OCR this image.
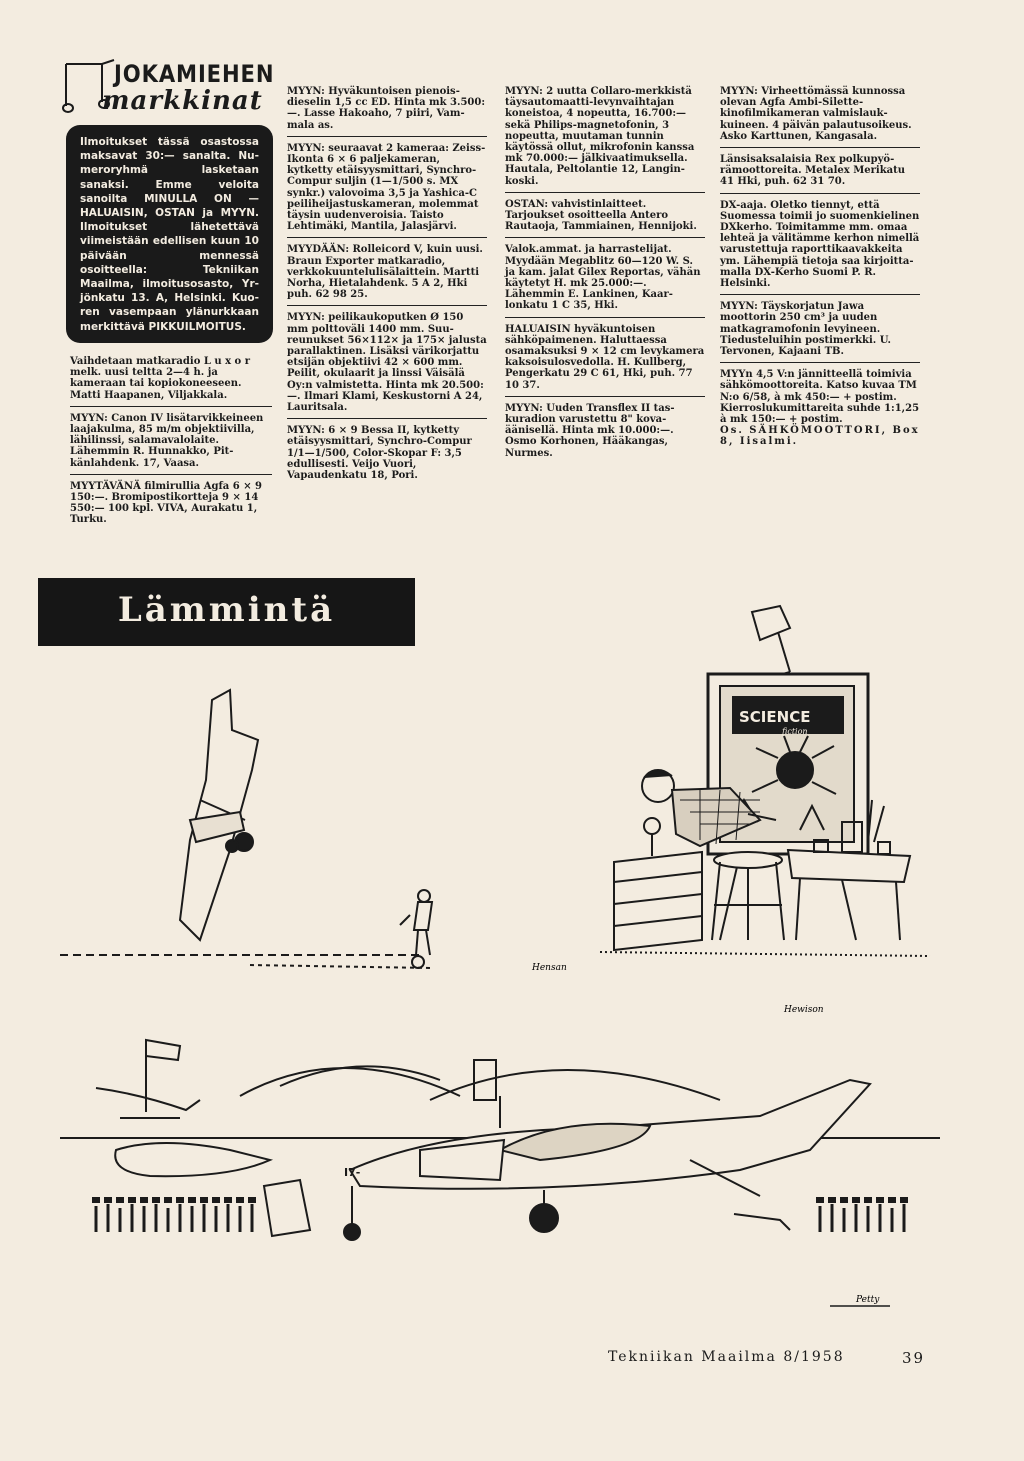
JOKAMIEHEN
markkinat
Ilmoitukset tässä osastossa maksavat 30:— sanalta. Numeroryhmä lasketaan sanaksi. Emme veloita sanoilta MINULLA ON — HALUAISIN, OSTAN ja MYYN. Ilmoitukset lähetettävä viimeistään edellisen kuun 10 päivään mennessä osoitteella: Tekniikan Maailma, ilmoitusosasto, Yrjönkatu 13. A, Helsinki. Kuoren vasempaan ylänurkkaan merkittävä PIKKUILMOITUS.

Vaihdetaan matkaradio L u x o r melk. uusi teltta 2—4 h. ja kameraan tai kopiokoneeseen. Matti Haapanen, Viljakkala.

MYYN: Canon IV lisätarvikkeineen laajakulma, 85 m/m objektiivilla, lähilinssi, salamavalolaite. Lähemmin R. Hunnakko, Pitkänlahdenk. 17, Vaasa.

MYYTÄVÄNÄ filmirullia Agfa 6 × 9 150:—. Bromipostikortteja 9 × 14 550:— 100 kpl. VIVA, Aurakatu 1, Turku.

MYYN: Hyväkuntoisen pienoisdieselin 1,5 cc ED. Hinta mk 3.500:—. Lasse Hakoaho, 7 piiri, Vammala as.

MYYN: seuraavat 2 kameraa: Zeiss-Ikonta 6 × 6 paljekameran, kytketty etäisyysmittari, Synchro-Compur suljin (1—1/500 s. MX synkr.) valovoima 3,5 ja Yashica-C peiliheijastuskameran, molemmat täysin uudenveroisia. Taisto Lehtimäki, Mantila, Jalasjärvi.

MYYDÄÄN: Rolleicord V, kuin uusi. Braun Exporter matkaradio, verkkokuuntelulisälaittein. Martti Norha, Hietalahdenk. 5 A 2, Hki puh. 62 98 25.

MYYN: peilikaukoputken Ø 150 mm polttoväli 1400 mm. Suureunukset 56×112× ja 175× jalusta parallaktinen. Lisäksi värikorjattu etsijän objektiivi 42 × 600 mm. Peilit, okulaarit ja linssi Väisälä Oy:n valmistetta. Hinta mk 20.500:—. Ilmari Klami, Keskustorni A 24, Lauritsala.

MYYN: 6 × 9 Bessa II, kytketty etäisyysmittari, Synchro-Compur 1/1—1/500, Color-Skopar F: 3,5 edullisesti. Veijo Vuori, Vapaudenkatu 18, Pori.

MYYN: 2 uutta Collaro-merkkistä täysautomaatti-levynvaihtajan koneistoa, 4 nopeutta, 16.700:— sekä Philips-magnetofonin, 3 nopeutta, muutaman tunnin käytössä ollut, mikrofonin kanssa mk 70.000:— jälkivaatimuksella. Hautala, Peltolantie 12, Langinkoski.

OSTAN: vahvistinlaitteet. Tarjoukset osoitteella Antero Rautaoja, Tammiainen, Hennijoki.

Valok.ammat. ja harrastelijat. Myydään Megablitz 60—120 W. S. ja kam. jalat Gilex Reportas, vähän käytetyt H. mk 25.000:—. Lähemmin E. Lankinen, Kaarlonkatu 1 C 35, Hki.

HALUAISIN hyväkuntoisen sähköpaimenen. Haluttaessa osamaksuksi 9 × 12 cm levykamera kaksoisulosvedolla. H. Kullberg, Pengerkatu 29 C 61, Hki, puh. 77 10 37.

MYYN: Uuden Transflex II taskuradion varustettu 8" kovaäänisellä. Hinta mk 10.000:—. Osmo Korhonen, Hääkangas, Nurmes.

MYYN: Virheettömässä kunnossa olevan Agfa Ambi-Silettekinofilmikameran valmislaukkuineen. 4 päivän palautusoikeus. Asko Karttunen, Kangasala.

Länsisaksalaisia Rex polkupyörämoottoreita. Metalex Merikatu 41 Hki, puh. 62 31 70.

DX-aaja. Oletko tiennyt, että Suomessa toimii jo suomenkielinen DXkerho. Toimitamme mm. omaa lehteä ja välitämme kerhon nimellä varustettuja raporttikaavakkeita ym. Lähempiä tietoja saa kirjoittamalla DX-Kerho Suomi P. R. Helsinki.

MYYN: Täyskorjatun Jawa moottorin 250 cm³ ja uuden matkagramofonin levyineen. Tiedusteluihin postimerkki. U. Tervonen, Kajaani TB.

MYYn 4,5 V:n jännitteellä toimivia sähkömoottoreita. Katso kuvaa TM N:o 6/58, à mk 450:— + postim. Kierroslukumittareita suhde 1:1,25 à mk 150:— + postim.

Os. SÄHKÖMOOTTORI, Box 8, Iisalmi.

Lämmintä
Hensan
SCIENCE
fiction
Hewison
I7-
Petty
Tekniikan Maailma 8/1958	39
